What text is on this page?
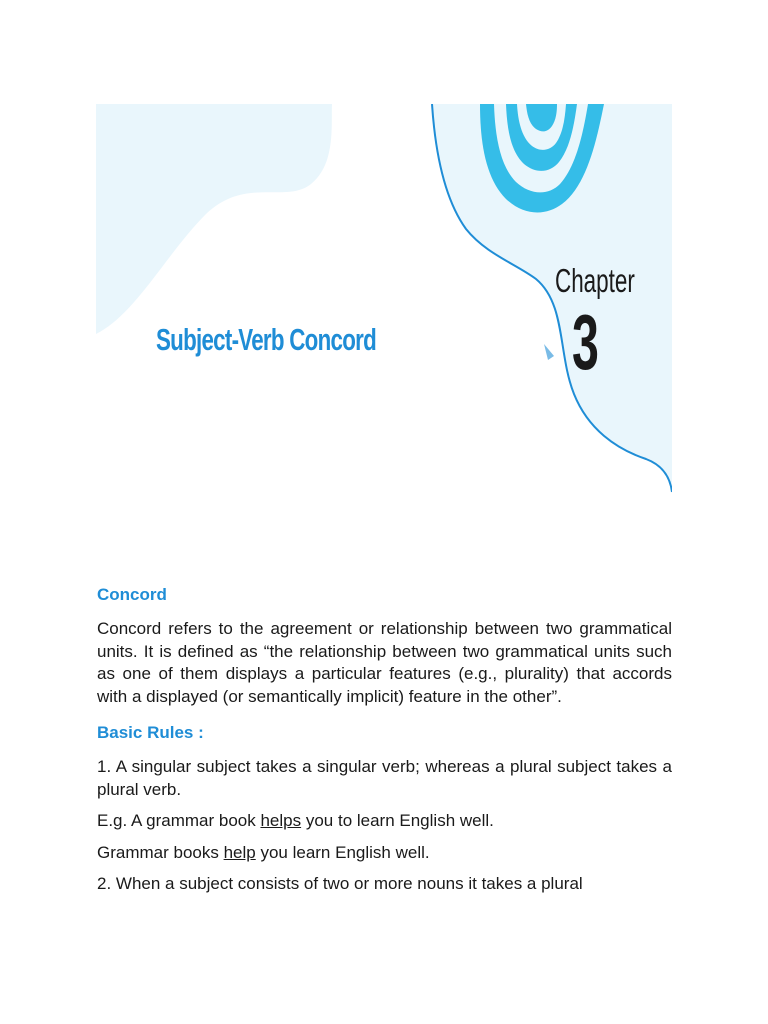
Subject-Verb Concord
Chapter
3
Concord

Concord refers to the agreement or relationship between two grammatical units. It is defined as “the relationship between two grammatical units such as one of them displays a particular features (e.g., plurality) that accords with a displayed (or semantically implicit) feature in the other”.

Basic Rules :

1. A singular subject takes a singular verb; whereas a plural subject takes a plural verb.

E.g. A grammar book helps you to learn English well.

Grammar books help you learn English well.

2. When a subject consists of two or more nouns it takes a plural
